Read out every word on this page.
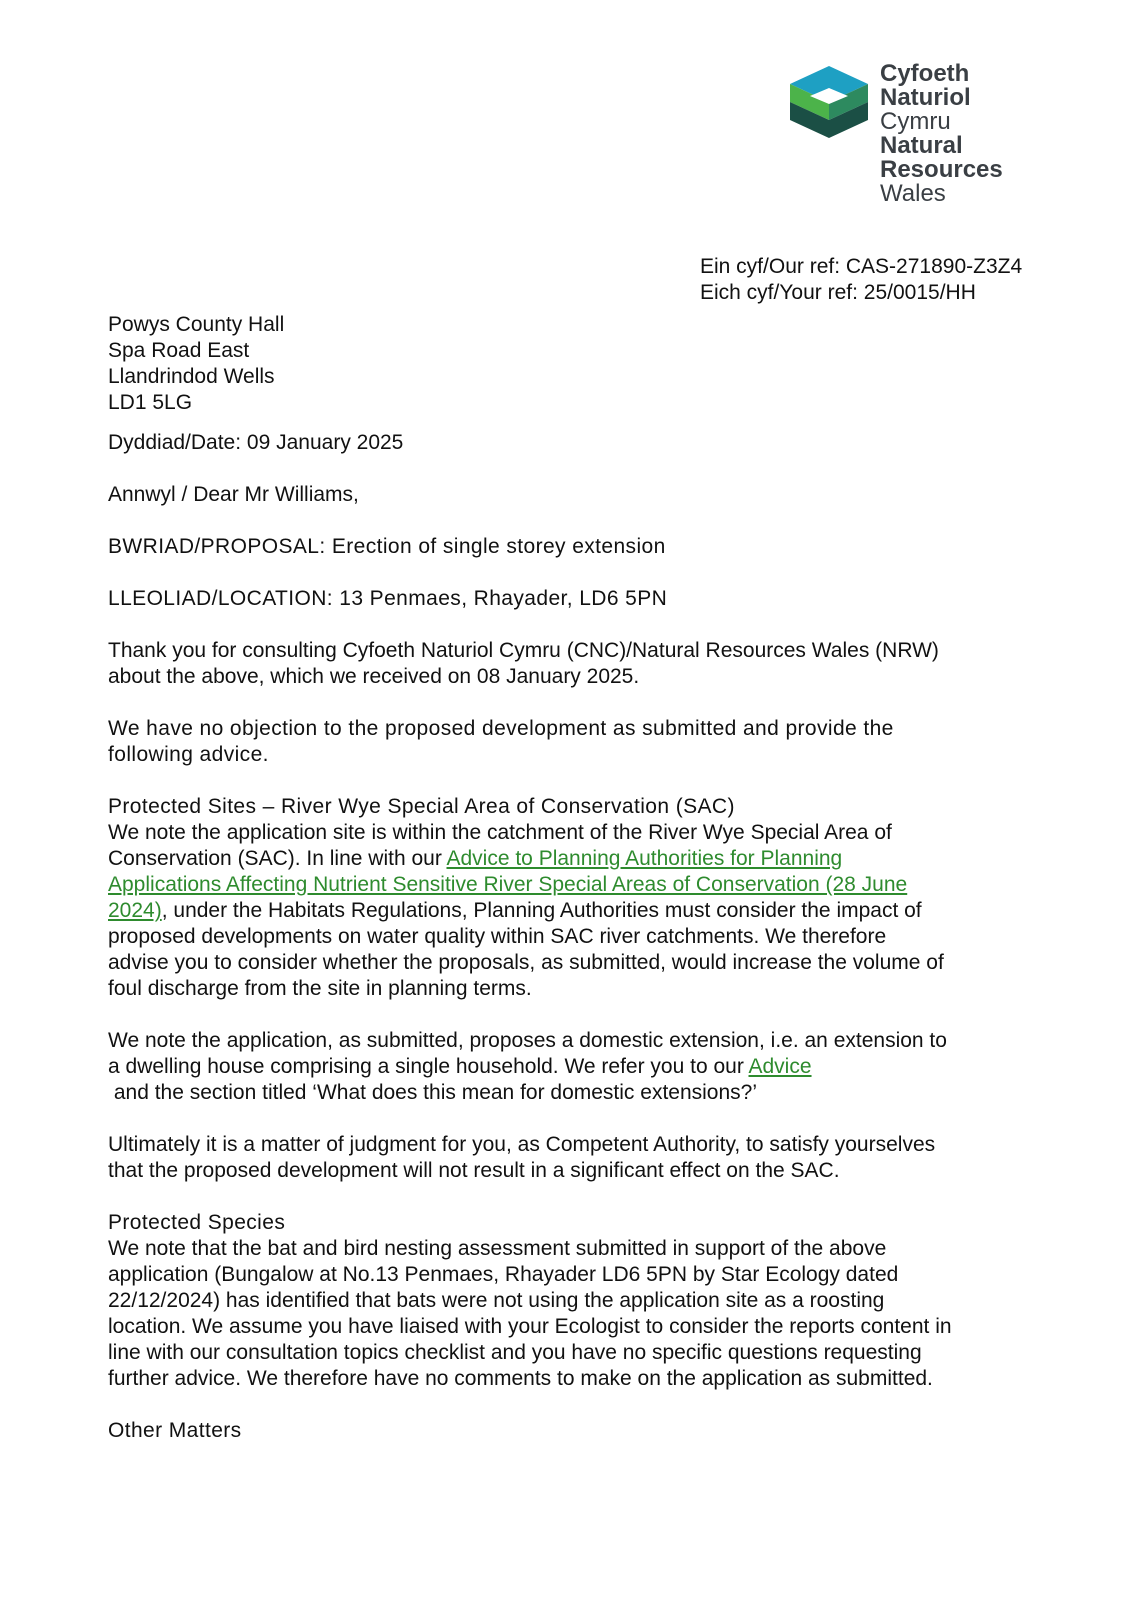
Cyfoeth
Naturiol
Cymru
Natural
Resources
Wales
Ein cyf/Our ref: CAS-271890-Z3Z4
Eich cyf/Your ref: 25/0015/HH
Powys County Hall
Spa Road East
Llandrindod Wells
LD1 5LG

Dyddiad/Date: 09 January 2025

Annwyl / Dear Mr Williams,

BWRIAD/PROPOSAL: Erection of single storey extension

LLEOLIAD/LOCATION: 13 Penmaes, Rhayader, LD6 5PN

Thank you for consulting Cyfoeth Naturiol Cymru (CNC)/Natural Resources Wales (NRW)
about the above, which we received on 08 January 2025.

We have no objection to the proposed development as submitted and provide the
following advice.

Protected Sites – River Wye Special Area of Conservation (SAC)
We note the application site is within the catchment of the River Wye Special Area of
Conservation (SAC). In line with our Advice to Planning Authorities for Planning
Applications Affecting Nutrient Sensitive River Special Areas of Conservation (28 June
2024), under the Habitats Regulations, Planning Authorities must consider the impact of
proposed developments on water quality within SAC river catchments. We therefore
advise you to consider whether the proposals, as submitted, would increase the volume of
foul discharge from the site in planning terms.

We note the application, as submitted, proposes a domestic extension, i.e. an extension to
a dwelling house comprising a single household. We refer you to our Advice
and the section titled ‘What does this mean for domestic extensions?’

Ultimately it is a matter of judgment for you, as Competent Authority, to satisfy yourselves
that the proposed development will not result in a significant effect on the SAC.

Protected Species
We note that the bat and bird nesting assessment submitted in support of the above
application (Bungalow at No.13 Penmaes, Rhayader LD6 5PN by Star Ecology dated
22/12/2024) has identified that bats were not using the application site as a roosting
location. We assume you have liaised with your Ecologist to consider the reports content in
line with our consultation topics checklist and you have no specific questions requesting
further advice. We therefore have no comments to make on the application as submitted.

Other Matters
